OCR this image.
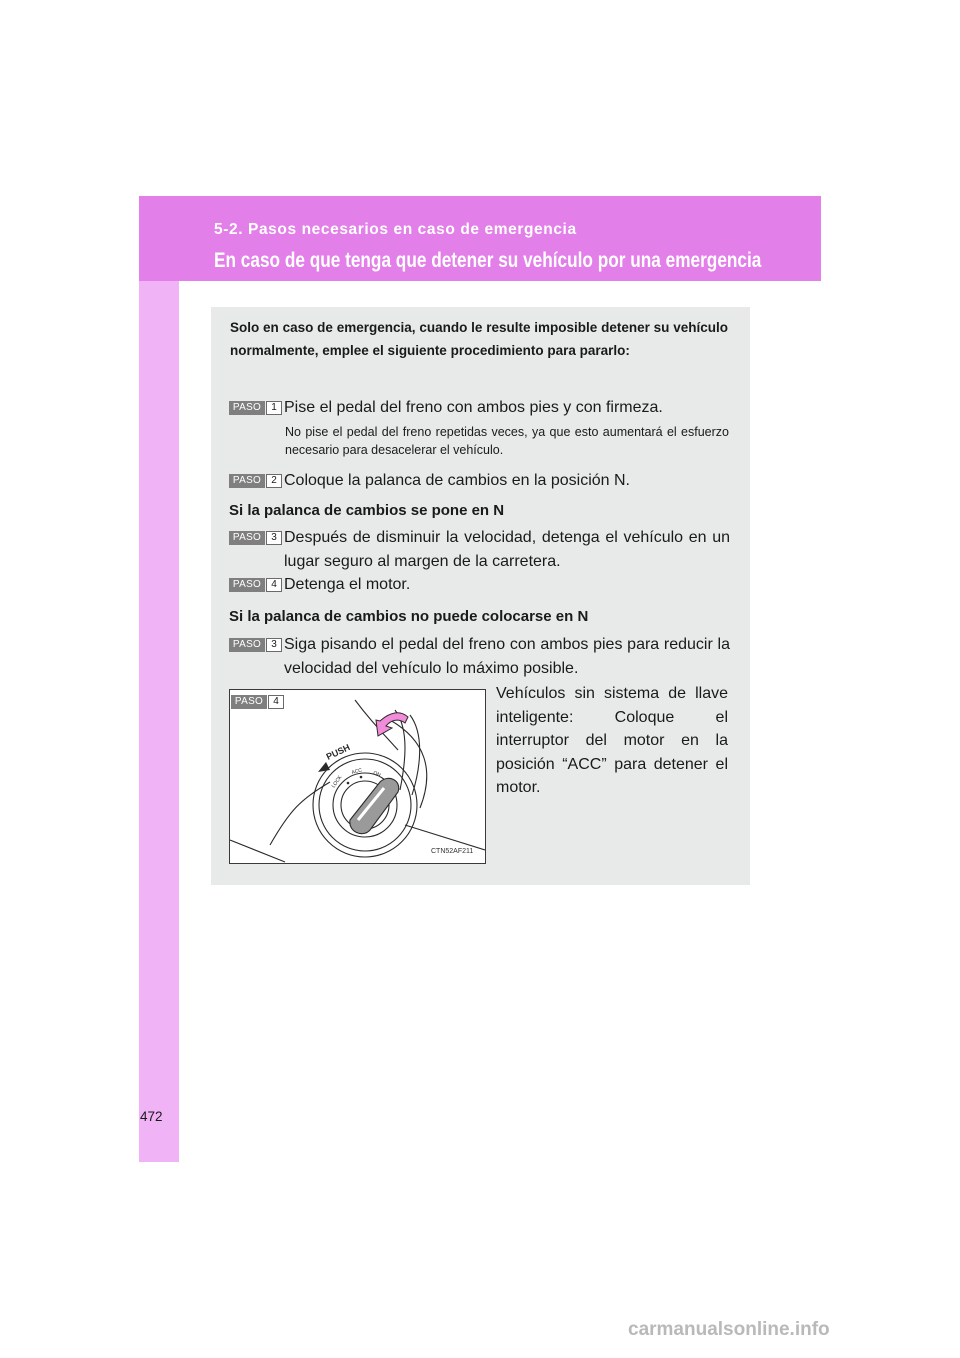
5-2. Pasos necesarios en caso de emergencia
En caso de que tenga que detener su vehículo por una emergencia

Solo en caso de emergencia, cuando le resulte imposible detener su vehículo normalmente, emplee el siguiente procedimiento para pararlo:

PASO	1 Pise el pedal del freno con ambos pies y con firmeza.

No pise el pedal del freno repetidas veces, ya que esto aumentará el esfuerzo necesario para desacelerar el vehículo.

PASO	2 Coloque la palanca de cambios en la posición N.

Si la palanca de cambios se pone en N

PASO	3 Después de disminuir la velocidad, detenga el vehículo en un lugar seguro al margen de la carretera.

PASO	4 Detenga el motor.

Si la palanca de cambios no puede colocarse en N

PASO	3 Siga pisando el pedal del freno con ambos pies para reducir la velocidad del vehículo lo máximo posible.

PUSH
LOCK
ACC ON
PASO	4
CTN52AF211

Vehículos sin sistema de llave inteligente: Coloque el interruptor del motor en la posición “ACC” para detener el motor.

472
carmanualsonline.info
